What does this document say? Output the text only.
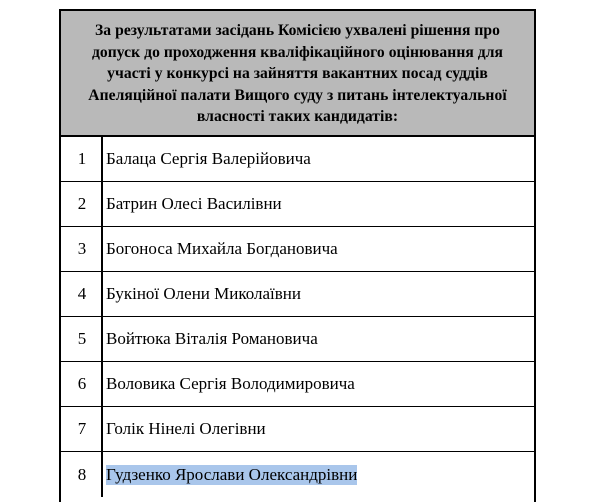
За результатами засідань Комісією ухвалені рішення про допуск до проходження кваліфікаційного оцінювання для участі у конкурсі на зайняття вакантних посад суддів Апеляційної палати Вищого суду з питань інтелектуальної власності таких кандидатів:
1	Балаца Сергія Валерійовича
2	Батрин Олесі Василівни
3	Богоноса Михайла Богдановича
4	Букіної Олени Миколаївни
5	Войтюка Віталія Романовича
6	Воловика Сергія Володимировича
7	Голік Нінелі Олегівни
8	Гудзенко Ярослави Олександрівни
